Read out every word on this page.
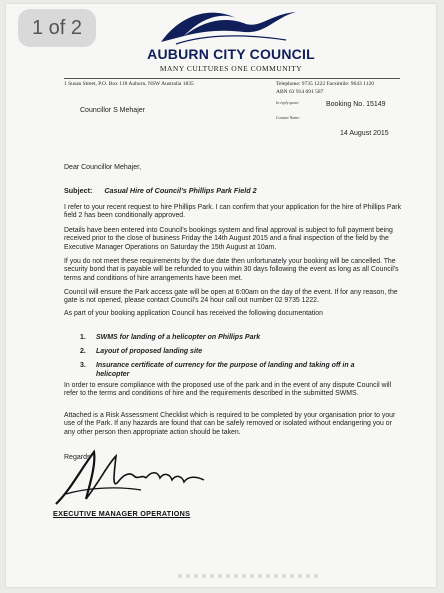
AUBURN CITY COUNCIL
MANY CULTURES ONE COMMUNITY
1 Susan Street, P.O. Box 118 Auburn, NSW Australia 1835	Telephone: 9735 1222 Facsimile: 9643 1120
ABN 63 914 691 587
In reply quote:
Contact Name:
Councillor S Mehajer
Booking No. 15149
14 August 2015
Dear Councillor Mehajer,
Subject: Casual Hire of Council's Phillips Park Field 2
I refer to your recent request to hire Phillips Park. I can confirm that your application for the hire of Phillips Park field 2 has been conditionally approved.
Details have been entered into Council's bookings system and final approval is subject to full payment being received prior to the close of business Friday the 14th August 2015 and a final inspection of the field by the Executive Manager Operations on Saturday the 15th August at 10am.
If you do not meet these requirements by the due date then unfortunately your booking will be cancelled. The security bond that is payable will be refunded to you within 30 days following the event as long as all Council's terms and conditions of hire arrangements have been met.
Council will ensure the Park access gate will be open at 6:00am on the day of the event. If for any reason, the gate is not opened, please contact Council's 24 hour call out number 02 9735 1222.
As part of your booking application Council has received the following documentation
1. SWMS for landing of a helicopter on Phillips Park
2. Layout of proposed landing site
3. Insurance certificate of currency for the purpose of landing and taking off in a
helicopter
In order to ensure compliance with the proposed use of the park and in the event of any dispute Council will refer to the terms and conditions of hire and the requirements described in the submitted SWMS.
Attached is a Risk Assessment Checklist which is required to be completed by your organisation prior to your use of the Park. If any hazards are found that can be safely removed or isolated without endangering you or any other person then appropriate action should be taken.
Regards
EXECUTIVE MANAGER OPERATIONS
1 of 2
